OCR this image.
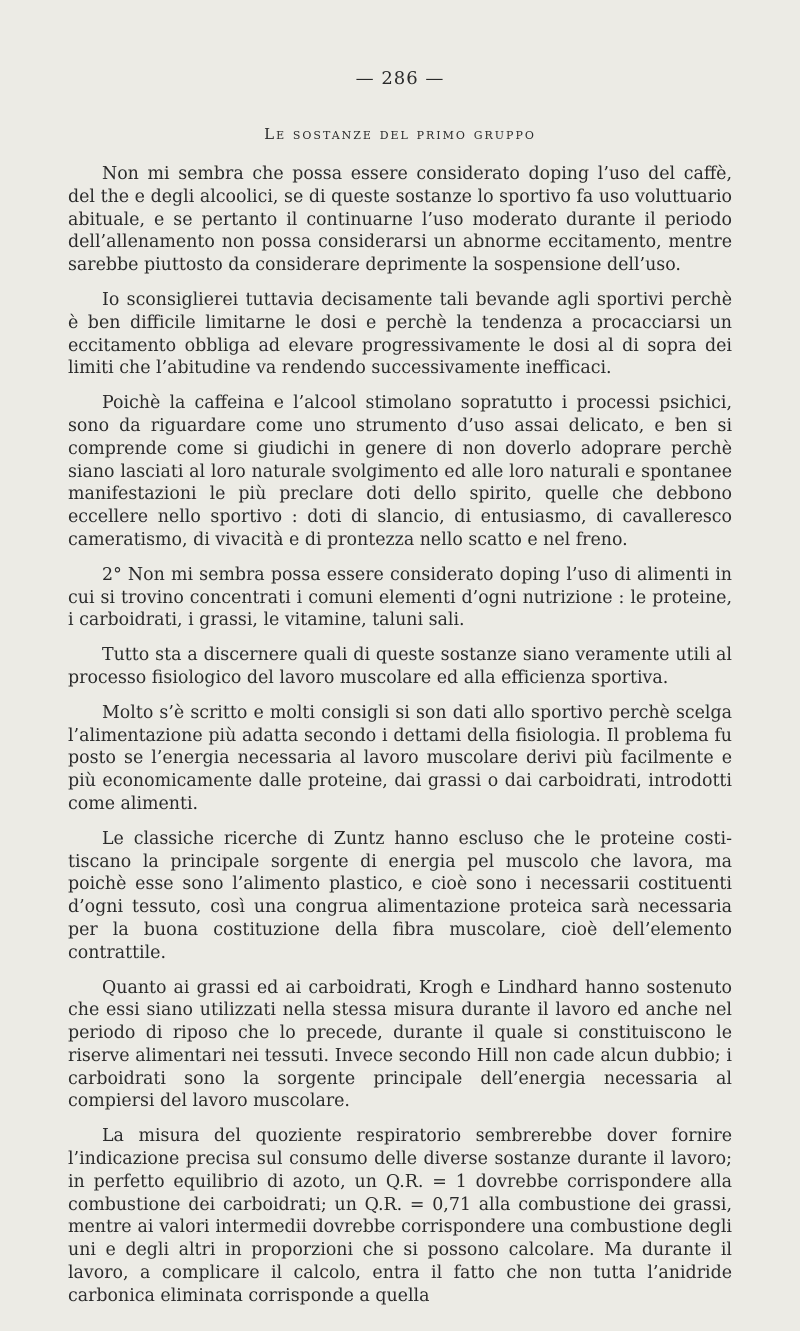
— 286 —
Le sostanze del primo gruppo

Non mi sembra che possa essere considerato doping l’uso del caffè, del the e degli alcoolici, se di queste sostanze lo sportivo fa uso voluttuario abituale, e se pertanto il continuarne l’uso moderato durante il periodo dell’allenamento non possa considerarsi un abnorme eccitamento, mentre sarebbe piuttosto da considerare deprimente la sospensione dell’uso.

Io sconsiglierei tuttavia decisamente tali bevande agli sportivi perchè è ben difficile limitarne le dosi e perchè la tendenza a procacciarsi un eccitamento obbliga ad elevare progressivamente le dosi al di sopra dei limiti che l’abitudine va rendendo successivamente inefficaci.

Poichè la caffeina e l’alcool stimolano sopratutto i processi psichici, sono da riguardare come uno strumento d’uso assai delicato, e ben si comprende come si giudichi in genere di non doverlo adoprare perchè siano lasciati al loro naturale svolgimento ed alle loro naturali e spontanee manifestazioni le più preclare doti dello spirito, quelle che debbono eccellere nello sportivo : doti di slancio, di entusiasmo, di cavalleresco cameratismo, di vivacità e di prontezza nello scatto e nel freno.

2° Non mi sembra possa essere considerato doping l’uso di alimenti in cui si trovino concentrati i comuni elementi d’ogni nutrizione : le proteine, i carboidrati, i grassi, le vitamine, taluni sali.

Tutto sta a discernere quali di queste sostanze siano veramente utili al processo fisiologico del lavoro muscolare ed alla efficienza sportiva.

Molto s’è scritto e molti consigli si son dati allo sportivo perchè scelga l’alimentazione più adatta secondo i dettami della fisiologia. Il problema fu posto se l’energia necessaria al lavoro muscolare derivi più facilmente e più economicamente dalle proteine, dai grassi o dai carboidrati, introdotti come alimenti.

Le classiche ricerche di Zuntz hanno escluso che le proteine costitiscano la principale sorgente di energia pel muscolo che lavora, ma poichè esse sono l’alimento plastico, e cioè sono i necessarii costituenti d’ogni tessuto, così una congrua alimentazione proteica sarà necessaria per la buona costituzione della fibra muscolare, cioè dell’elemento contrattile.

Quanto ai grassi ed ai carboidrati, Krogh e Lindhard hanno sostenuto che essi siano utilizzati nella stessa misura durante il lavoro ed anche nel periodo di riposo che lo precede, durante il quale si constituiscono le riserve alimentari nei tessuti. Invece secondo Hill non cade alcun dubbio; i carboidrati sono la sorgente principale dell’energia necessaria al compiersi del lavoro muscolare.

La misura del quoziente respiratorio sembrerebbe dover fornire l’indicazione precisa sul consumo delle diverse sostanze durante il lavoro; in perfetto equilibrio di azoto, un Q.R. = 1 dovrebbe corrispondere alla combustione dei carboidrati; un Q.R. = 0,71 alla combustione dei grassi, mentre ai valori intermedii dovrebbe corrispondere una combustione degli uni e degli altri in proporzioni che si possono calcolare. Ma durante il lavoro, a complicare il calcolo, entra il fatto che non tutta l’anidride carbonica eliminata corrisponde a quella
